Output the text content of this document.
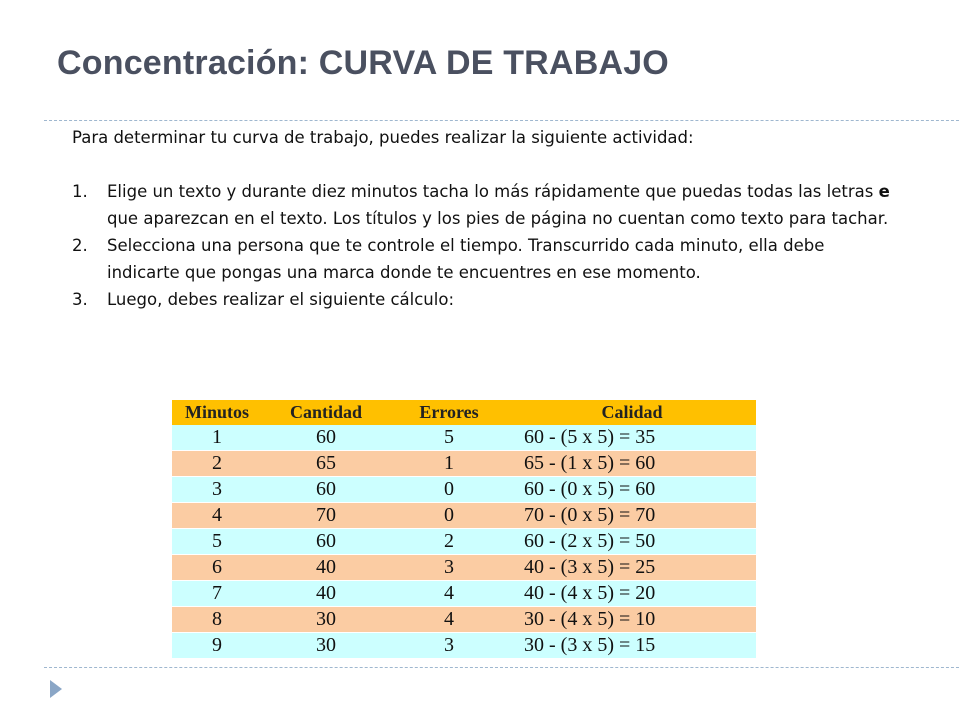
Concentración: CURVA DE TRABAJO

Para determinar tu curva de trabajo, puedes realizar la siguiente actividad:

1. Elige un texto y durante diez minutos tacha lo más rápidamente que puedas todas las letras e que aparezcan en el texto. Los títulos y los pies de página no cuentan como texto para tachar.
2. Selecciona una persona que te controle el tiempo. Transcurrido cada minuto, ella debe indicarte que pongas una marca donde te encuentres en ese momento.
3. Luego, debes realizar el siguiente cálculo:
Minutos	Cantidad	Errores	Calidad
1	60	5	60 - (5 x 5) = 35
2	65	1	65 - (1 x 5) = 60
3	60	0	60 - (0 x 5) = 60
4	70	0	70 - (0 x 5) = 70
5	60	2	60 - (2 x 5) = 50
6	40	3	40 - (3 x 5) = 25
7	40	4	40 - (4 x 5) = 20
8	30	4	30 - (4 x 5) = 10
9	30	3	30 - (3 x 5) = 15
